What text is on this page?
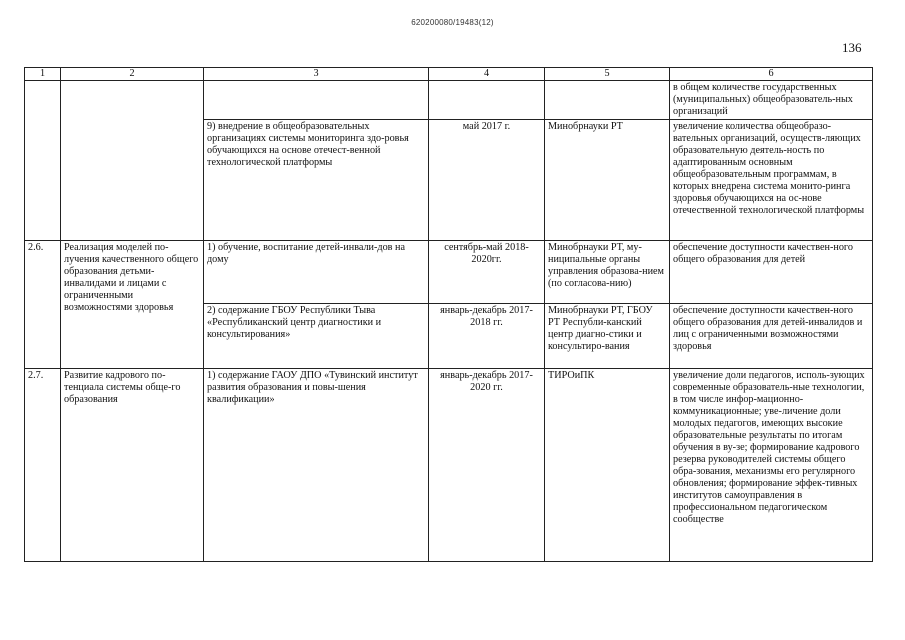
620200080/19483(12)
136
1	2	3	4	5	6
					в общем количестве государственных (муниципальных) общеобразователь-ных организаций
		9) внедрение в общеобразовательных организациях системы мониторинга здо-ровья обучающихся на основе отечест-венной технологической платформы	май 2017 г.	Минобрнауки РТ	увеличение количества общеобразо-вательных организаций, осуществ-ляющих образовательную деятель-ность по адаптированным основным общеобразовательным программам, в которых внедрена система монито-ринга здоровья обучающихся на ос-нове отечественной технологической платформы
2.6.	Реализация моделей по-лучения качественного общего образования детьми-инвалидами и лицами с ограниченными возможностями здоровья	1) обучение, воспитание детей-инвали-дов на дому	сентябрь-май 2018-2020гг.	Минобрнауки РТ, му-ниципальные органы управления образова-нием (по согласова-нию)	обеспечение доступности качествен-ного общего образования для детей
		2) содержание ГБОУ Республики Тыва «Республиканский центр диагностики и консультирования»	январь-декабрь 2017-2018 гг.	Минобрнауки РТ, ГБОУ РТ Республи-канский центр диагно-стики и консультиро-вания	обеспечение доступности качествен-ного общего образования для детей-инвалидов и лиц с ограниченными возможностями здоровья
2.7.	Развитие кадрового по-тенциала системы обще-го образования	1) содержание ГАОУ ДПО «Тувинский институт развития образования и повы-шения квалификации»	январь-декабрь 2017-2020 гг.	ТИРОиПК	увеличение доли педагогов, исполь-зующих современные образователь-ные технологии, в том числе инфор-мационно-коммуникационные; уве-личение доли молодых педагогов, имеющих высокие образовательные результаты по итогам обучения в ву-зе; формирование кадрового резерва руководителей системы общего обра-зования, механизмы его регулярного обновления; формирование эффек-тивных институтов самоуправления в профессиональном педагогическом сообществе
